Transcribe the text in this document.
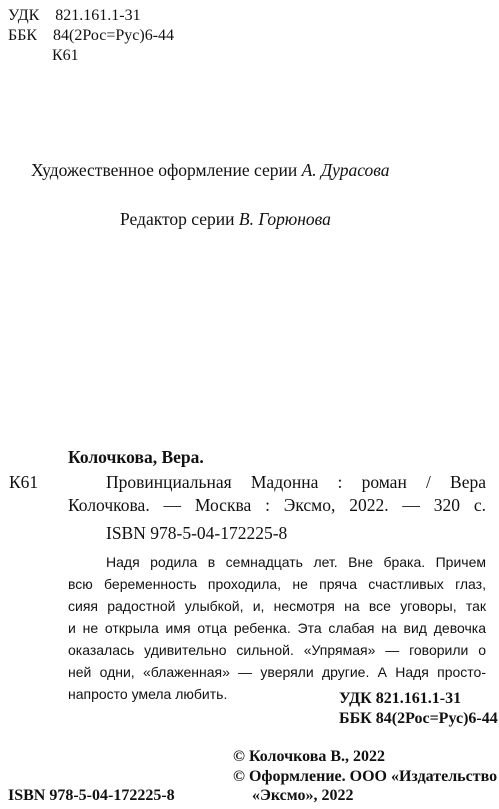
УДК 821.161.1-31
ББК 84(2Рос=Рус)6-44
К61
Художественное оформление серии А. Дурасова
Редактор серии В. Горюнова
Колочкова, Вера.
К61	Провинциальная Мадонна : роман / Вера
Колочкова. — Москва : Эксмо, 2022. — 320 с.
ISBN 978-5-04-172225-8
Надя родила в семнадцать лет. Вне брака. Причем
всю беременность проходила, не пряча счастливых глаз,
сияя радостной улыбкой, и, несмотря на все уговоры, так
и не открыла имя отца ребенка. Эта слабая на вид девочка
оказалась удивительно сильной. «Упрямая» — говорили о
ней одни, «блаженная» — уверяли другие. А Надя просто-
напросто умела любить.	УДК 821.161.1-31
ББК 84(2Рос=Рус)6-44
© Колочкова В., 2022
© Оформление. ООО «Издательство
ISBN 978-5-04-172225-8	«Эксмо», 2022
